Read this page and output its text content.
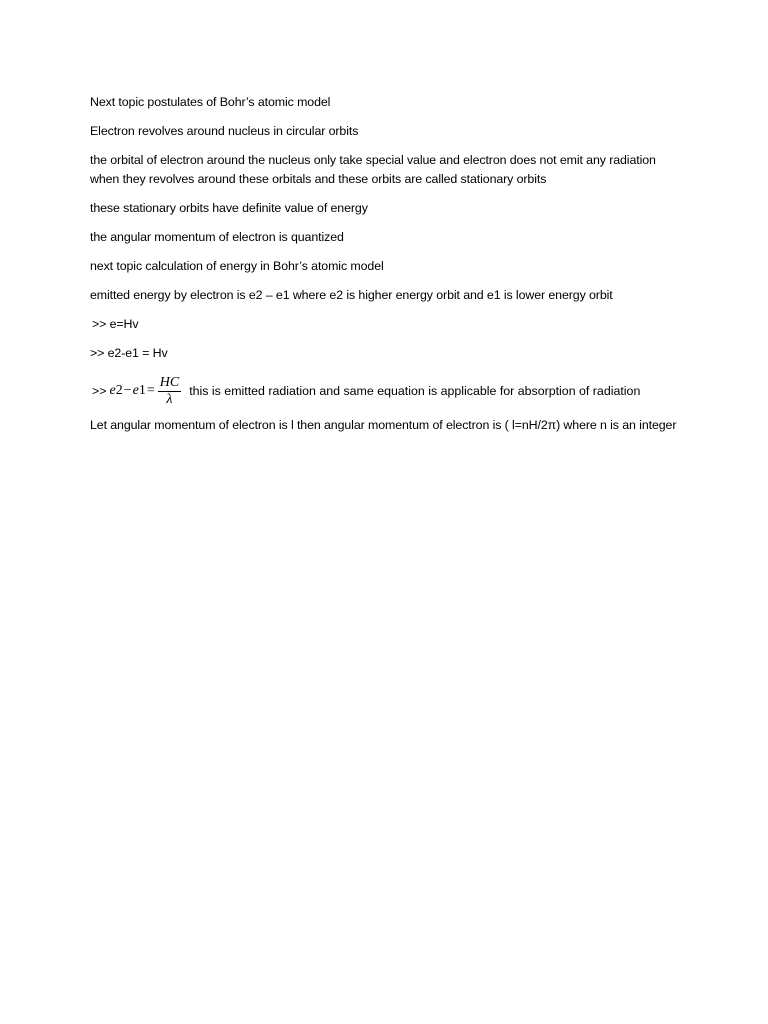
Next topic postulates of Bohr’s atomic model

Electron revolves around nucleus in circular orbits

the orbital of electron around the nucleus only take special value and electron does not emit any radiation when they revolves around these orbitals and these orbits are called stationary orbits

these stationary orbits have definite value of energy

the angular momentum of electron is quantized

next topic calculation of energy in Bohr’s atomic model

emitted energy by electron is e2 – e1 where e2 is higher energy orbit and e1 is lower energy orbit

>> e=Hv

>> e2-e1 = Hv

>> e 2 − e $1 = \frac{HC}{\lambda}$ this is emitted radiation and same equation is applicable for absorption of radiation

Let angular momentum of electron is l then angular momentum of electron is ( l=nH/2π) where n is an integer
